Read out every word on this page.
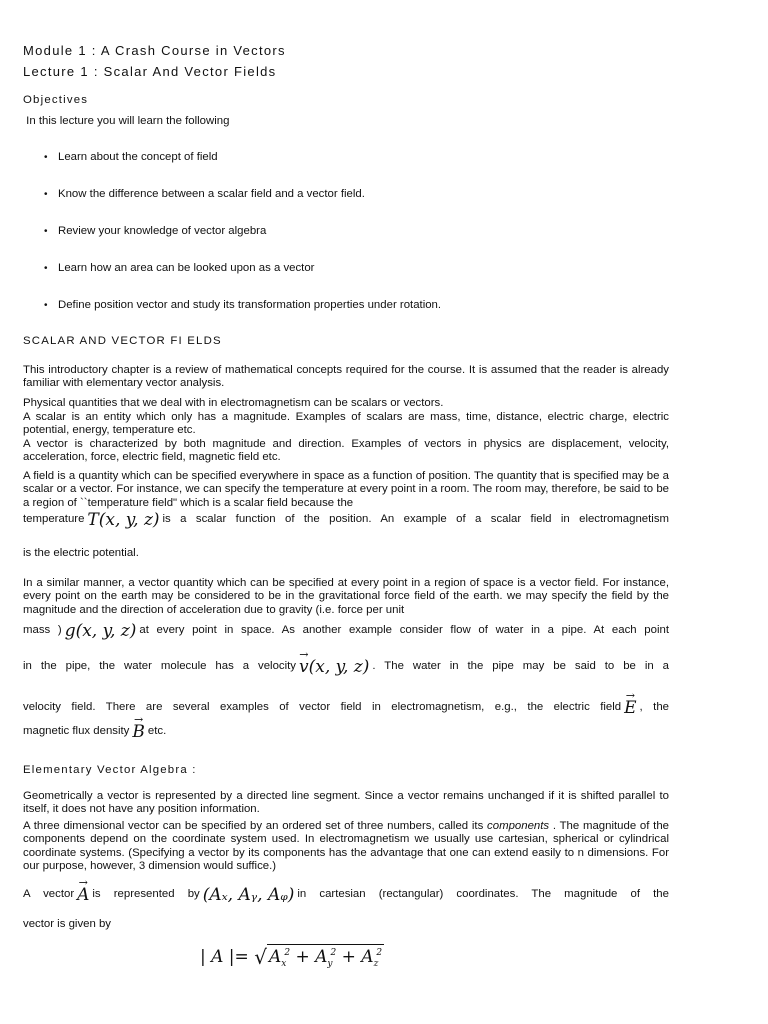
Module 1 : A Crash Course in Vectors
Lecture 1 : Scalar And Vector Fields
Objectives
In this lecture you will learn the following
• Learn about the concept of field
• Know the difference between a scalar field and a vector field.
• Review your knowledge of vector algebra
• Learn how an area can be looked upon as a vector
• Define position vector and study its transformation properties under rotation.
SCALAR AND VECTOR FI ELDS
This introductory chapter is a review of mathematical concepts required for the course. It is assumed that the reader is already familiar with elementary vector analysis.
Physical quantities that we deal with in electromagnetism can be scalars or vectors.
A scalar is an entity which only has a magnitude. Examples of scalars are mass, time, distance, electric charge, electric potential, energy, temperature etc.
A vector is characterized by both magnitude and direction. Examples of vectors in physics are displacement, velocity, acceleration, force, electric field, magnetic field etc.
A field is a quantity which can be specified everywhere in space as a function of position. The quantity that is specified may be a scalar or a vector. For instance, we can specify the temperature at every point in a room. The room may, therefore, be said to be a region of ``temperature field" which is a scalar field because the
temperature T(x, y, z) is a scalar function of the position. An example of a scalar field in electromagnetism
is the electric potential.
In a similar manner, a vector quantity which can be specified at every point in a region of space is a vector field. For instance, every point on the earth may be considered to be in the gravitational force field of the earth. we may specify the field by the magnitude and the direction of acceleration due to gravity (i.e. force per unit
mass ) g(x, y, z) at every point in space. As another example consider flow of water in a pipe. At each point
in the pipe, the water molecule has a velocity → v(x, y, z) . The water in the pipe may be said to be in a
velocity field. There are several examples of vector field in electromagnetism, e.g., the electric field → E , the
magnetic flux density → B etc.
Elementary Vector Algebra :
Geometrically a vector is represented by a directed line segment. Since a vector remains unchanged if it is shifted parallel to itself, it does not have any position information.
A three dimensional vector can be specified by an ordered set of three numbers, called its components . The magnitude of the components depend on the coordinate system used. In electromagnetism we usually use cartesian, spherical or cylindrical coordinate systems. (Specifying a vector by its components has the advantage that one can extend easily to n dimensions. For our purpose, however, 3 dimension would suffice.)
A vector → A is represented by (Aₓ, Aᵧ, Aᵩ) in cartesian (rectangular) coordinates. The magnitude of the
vector is given by
| A |= √ $A_x^2 + A_y^2 + A_z^2$
